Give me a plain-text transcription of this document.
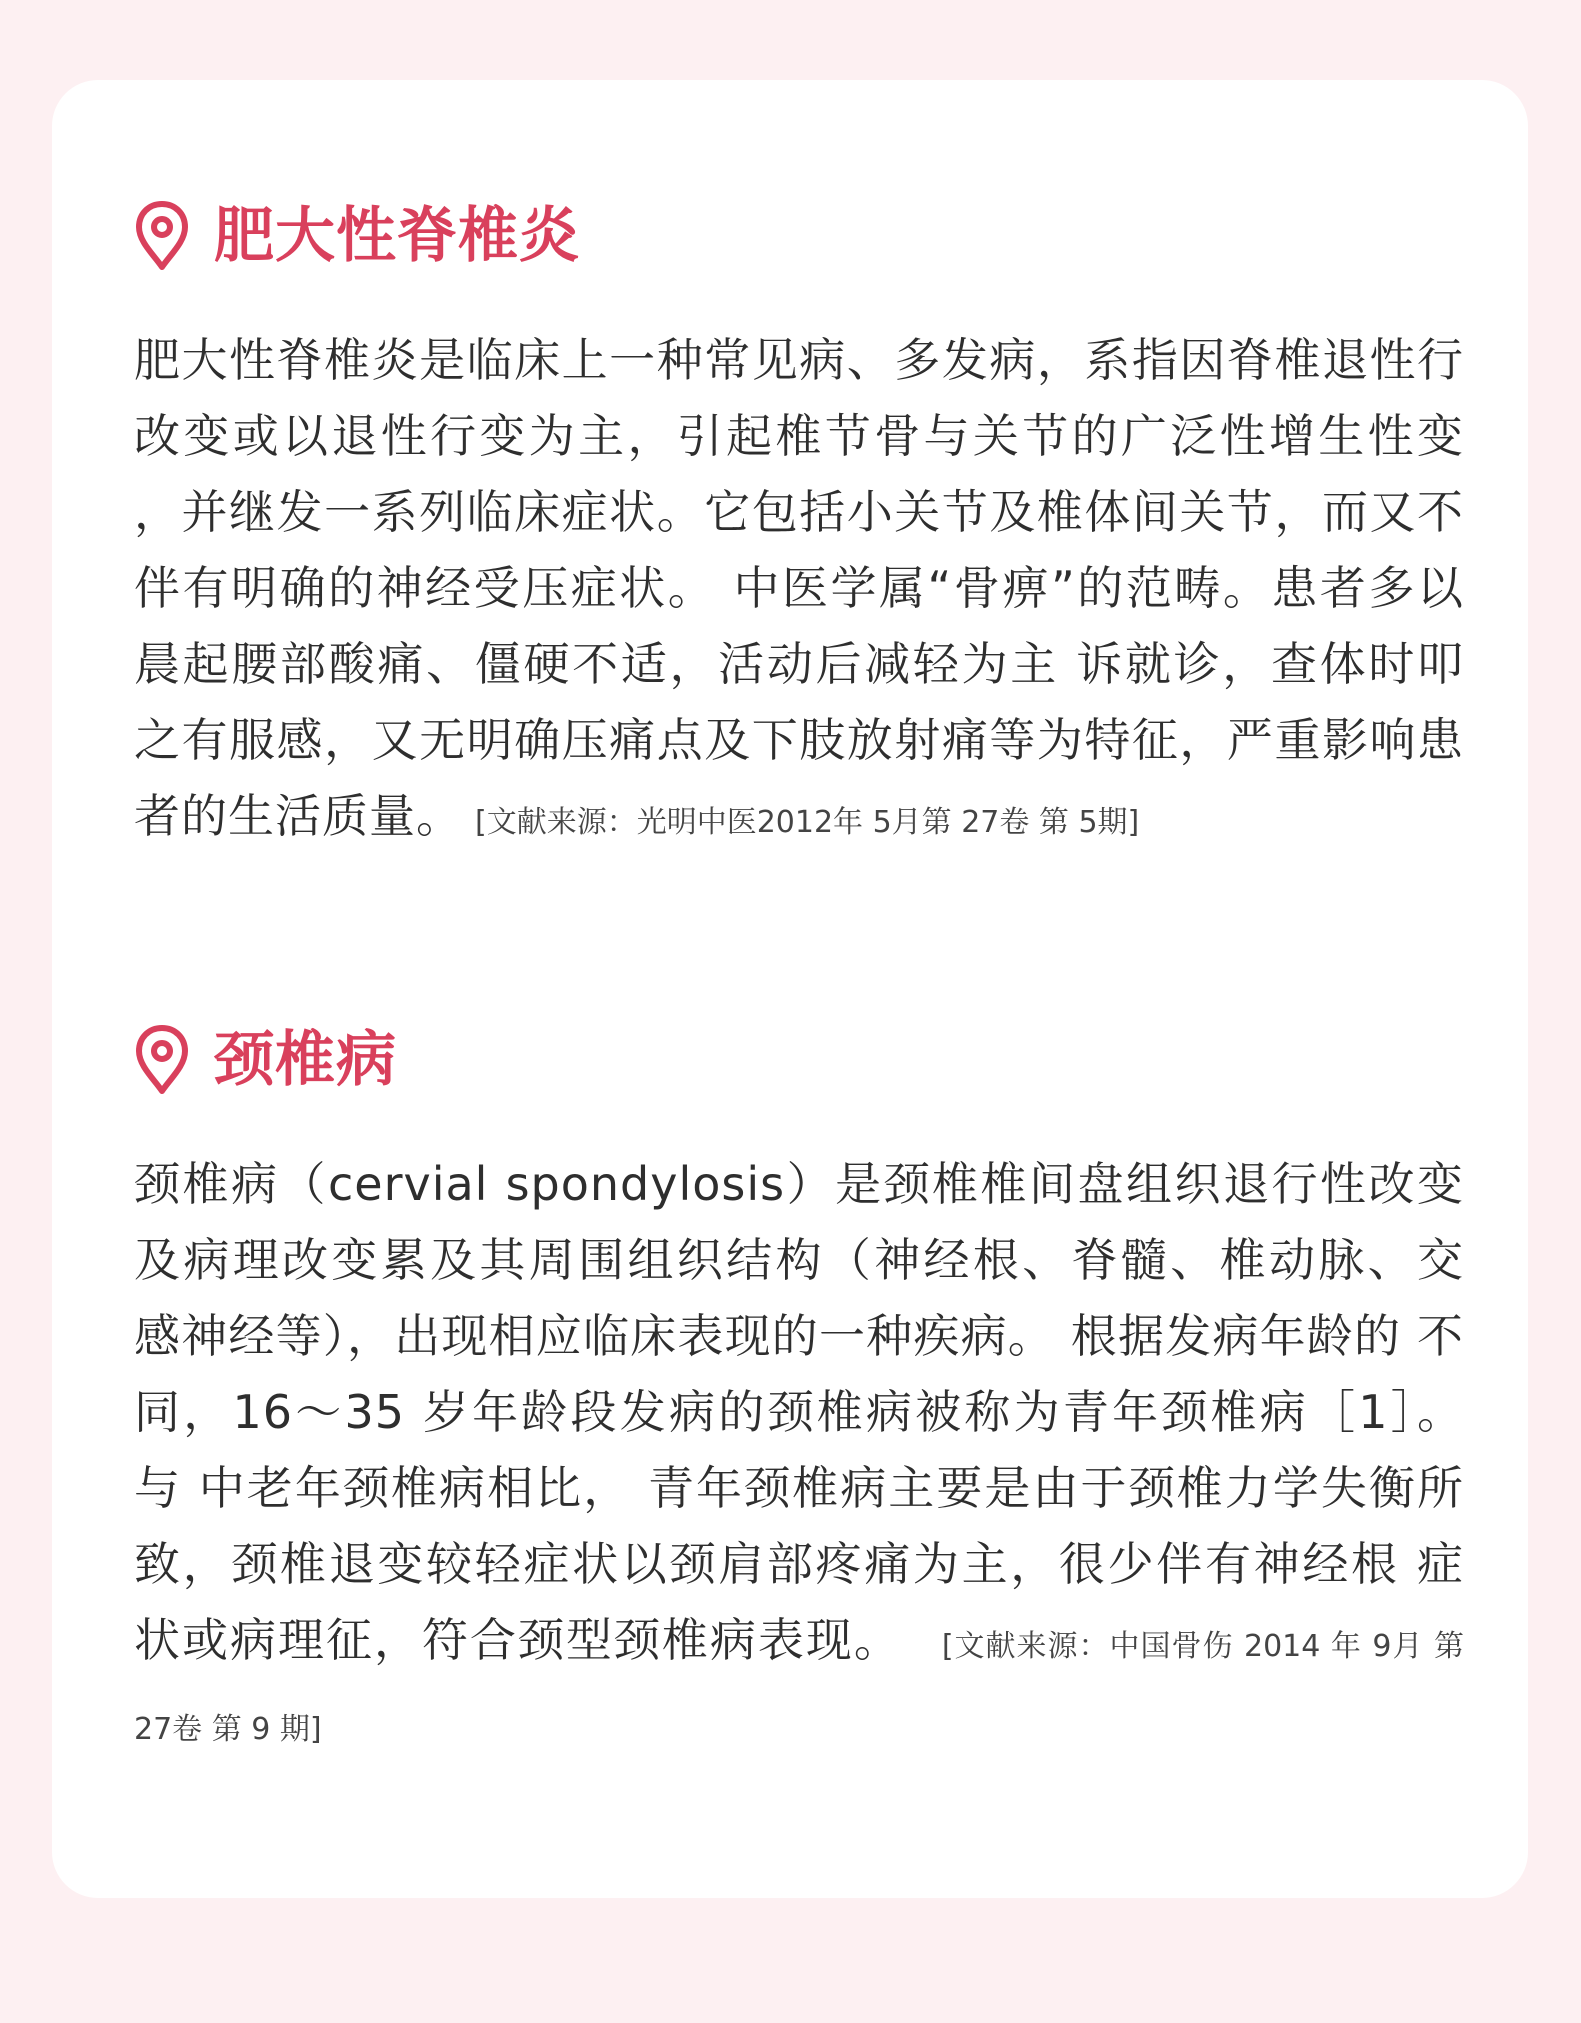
肥大性脊椎炎
肥大性脊椎炎是临床上一种常见病、多发病，系指因脊椎退性行改变或以退性行变为主，引起椎节骨与关节的广泛性增生性变 ，并继发一系列临床症状。它包括小关节及椎体间关节，而又不伴有明确的神经受压症状。 中医学属“骨痹”的范畴。患者多以晨起腰部酸痛、僵硬不适，活动后减轻为主 诉就诊，查体时叩之有服感，又无明确压痛点及下肢放射痛等为特征，严重影响患者的生活质量。 [文献来源：光明中医2012年 5月第 27卷 第 5期]
颈椎病
颈椎病（cervial spondylosis）是颈椎椎间盘组织退行性改变及病理改变累及其周围组织结构（神经根、脊髓、椎动脉、交 感神经等），出现相应临床表现的一种疾病。 根据发病年龄的 不同，16～35 岁年龄段发病的颈椎病被称为青年颈椎病［1］。 与 中老年颈椎病相比， 青年颈椎病主要是由于颈椎力学失衡所 致，颈椎退变较轻症状以颈肩部疼痛为主，很少伴有神经根 症状或病理征，符合颈型颈椎病表现。 [文献来源：中国骨伤 2014 年 9月 第27卷 第 9 期]
